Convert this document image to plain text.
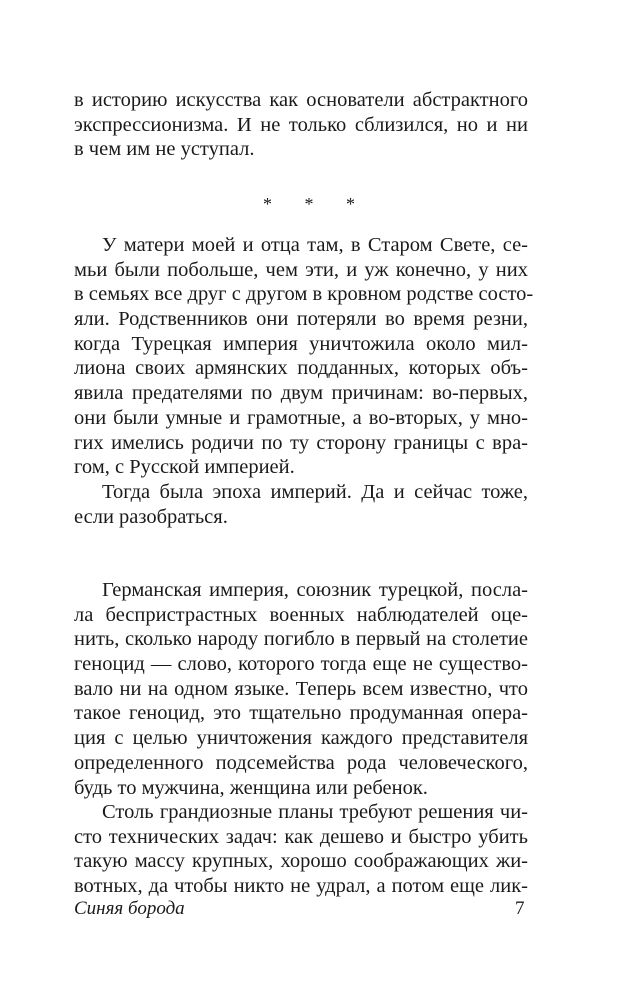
в историю искусства как основатели абстрактного
экспрессионизма. И не только сблизился, но и ни
в чем им не уступал.
* * *
У матери моей и отца там, в Старом Свете, се-
мьи были побольше, чем эти, и уж конечно, у них
в семьях все друг с другом в кровном родстве состо-
яли. Родственников они потеряли во время резни,
когда Турецкая империя уничтожила около мил-
лиона своих армянских подданных, которых объ-
явила предателями по двум причинам: во-первых,
они были умные и грамотные, а во-вторых, у мно-
гих имелись родичи по ту сторону границы с вра-
гом, с Русской империей.
Тогда была эпоха империй. Да и сейчас тоже,
если разобраться.
Германская империя, союзник турецкой, посла-
ла беспристрастных военных наблюдателей оце-
нить, сколько народу погибло в первый на столетие
геноцид — слово, которого тогда еще не существо-
вало ни на одном языке. Теперь всем известно, что
такое геноцид, это тщательно продуманная опера-
ция с целью уничтожения каждого представителя
определенного подсемейства рода человеческого,
будь то мужчина, женщина или ребенок.
Столь грандиозные планы требуют решения чи-
сто технических задач: как дешево и быстро убить
такую массу крупных, хорошо соображающих жи-
вотных, да чтобы никто не удрал, а потом еще лик-
Синяя борода	7
